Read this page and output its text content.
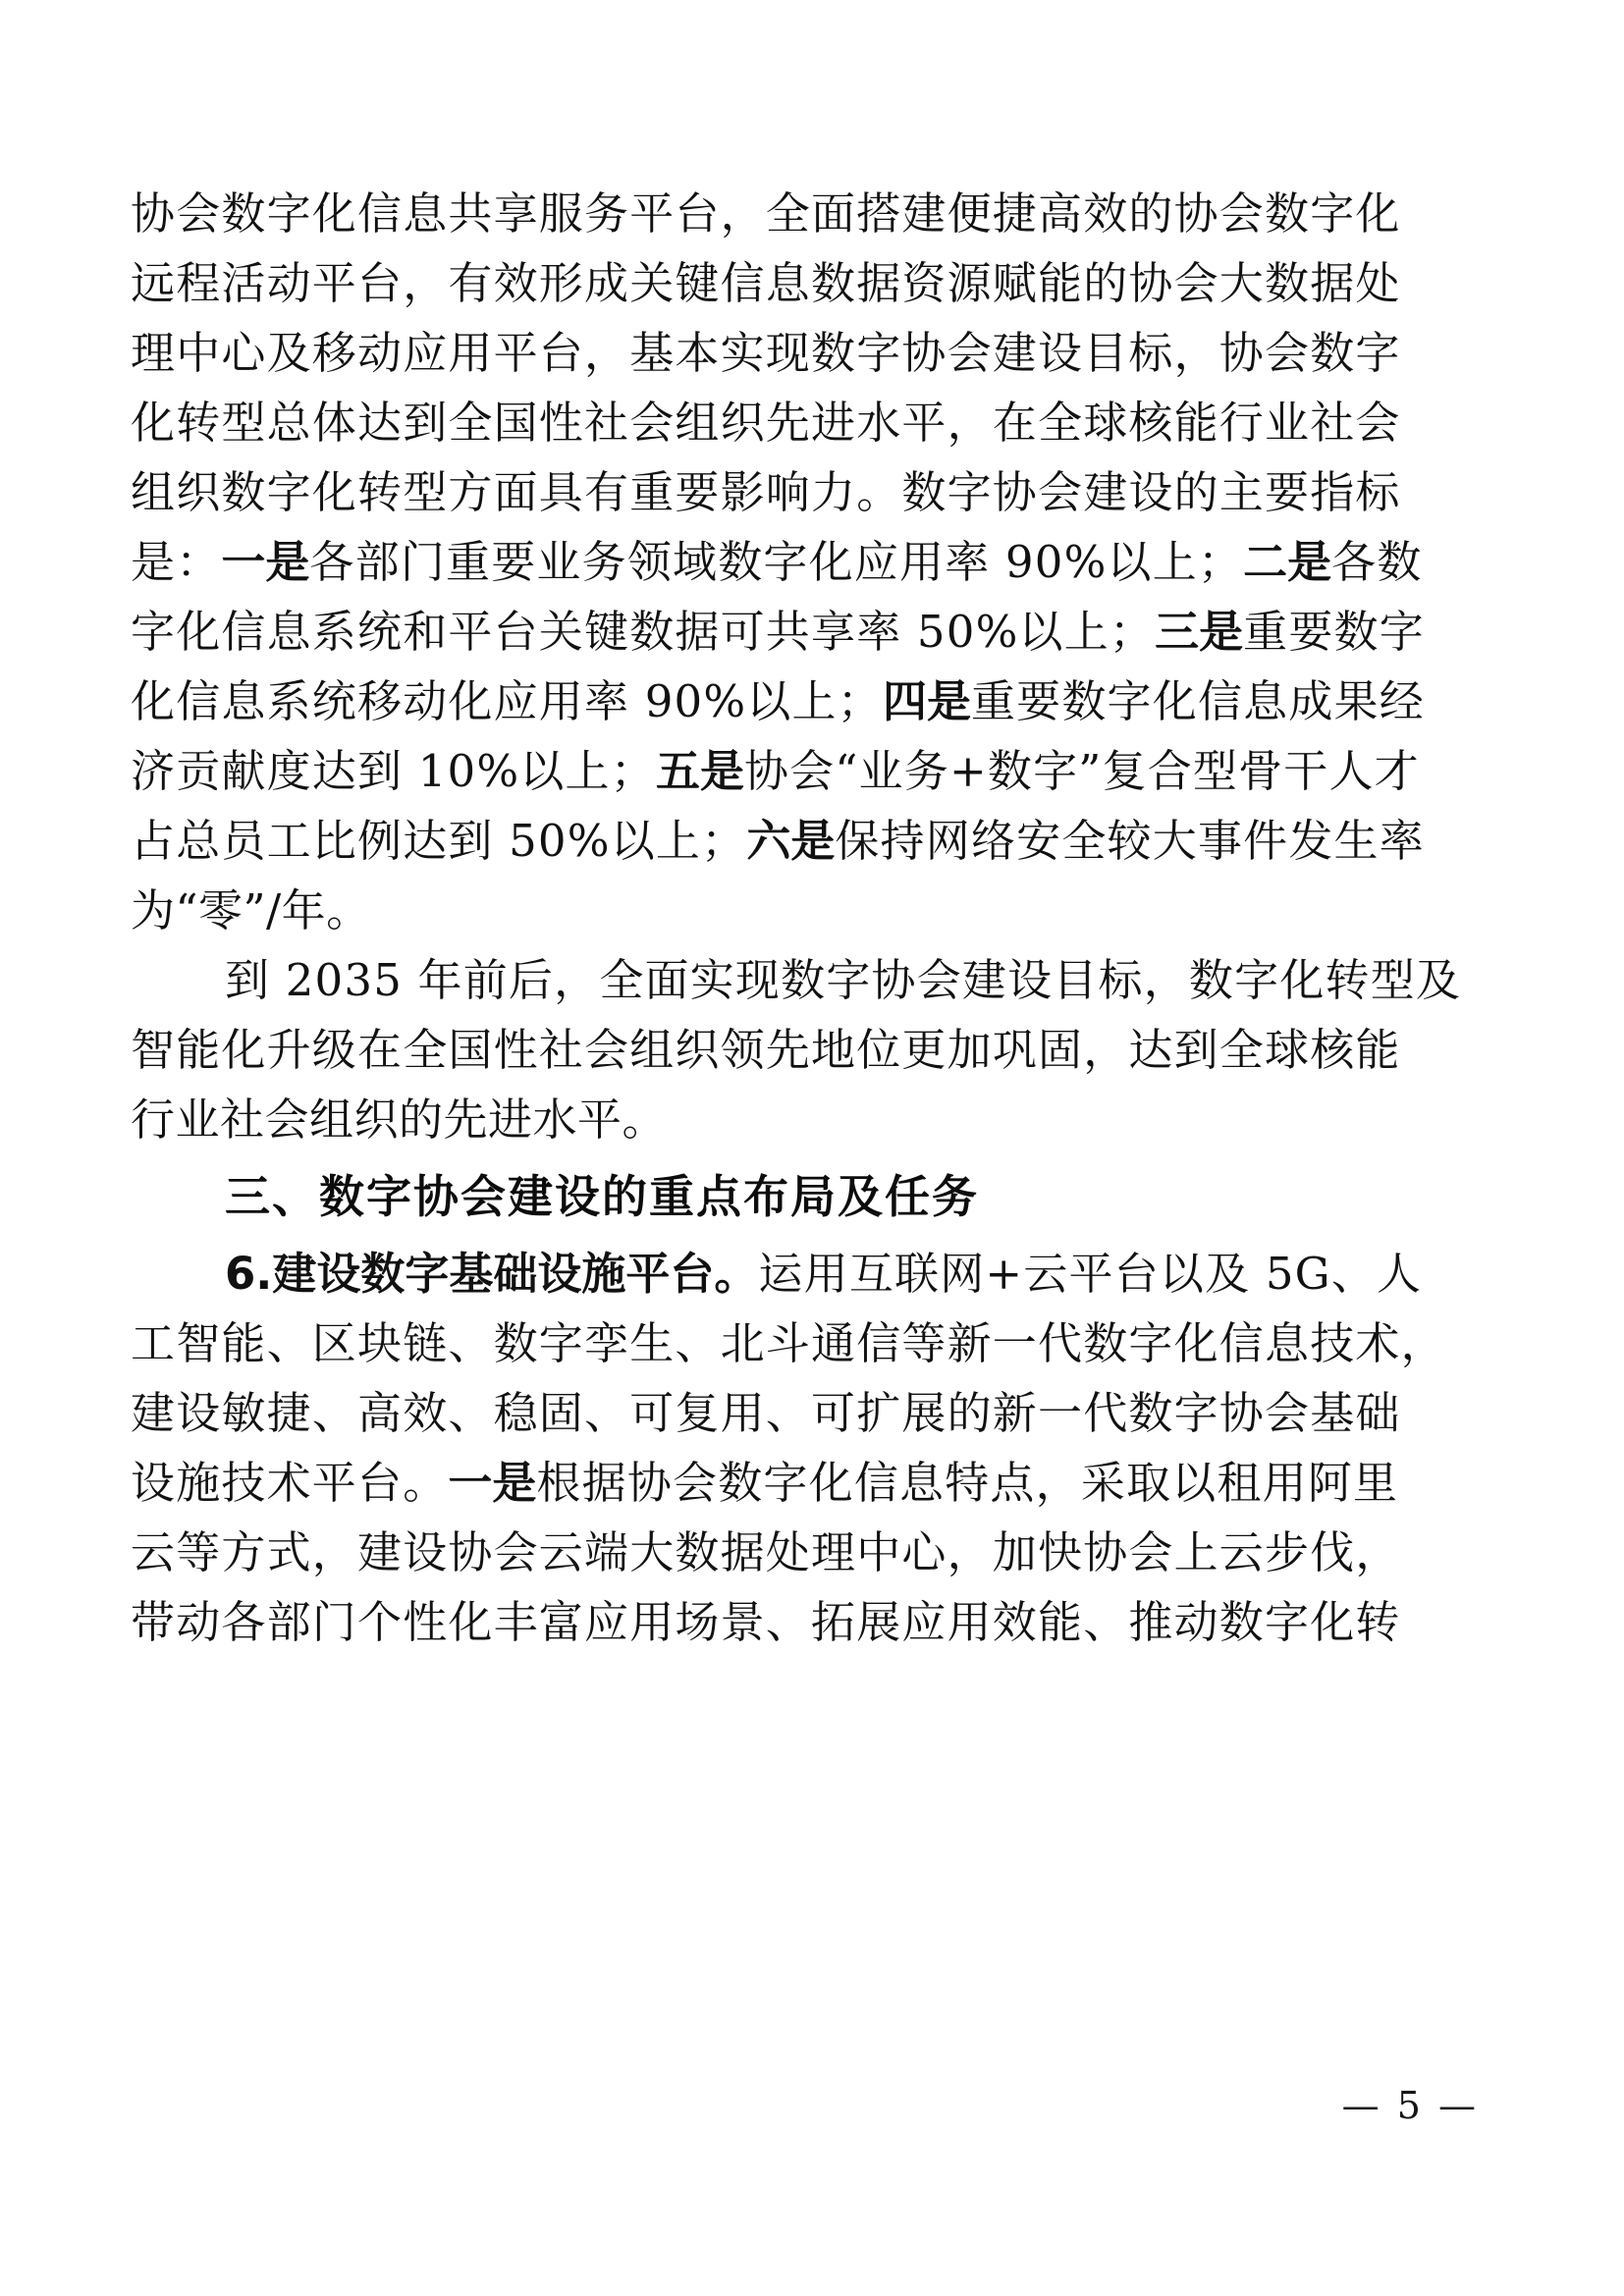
协会数字化信息共享服务平台，全面搭建便捷高效的协会数字化
远程活动平台，有效形成关键信息数据资源赋能的协会大数据处
理中心及移动应用平台，基本实现数字协会建设目标，协会数字
化转型总体达到全国性社会组织先进水平，在全球核能行业社会
组织数字化转型方面具有重要影响力。数字协会建设的主要指标
是：一是各部门重要业务领域数字化应用率 90%以上；二是各数
字化信息系统和平台关键数据可共享率 50%以上；三是重要数字
化信息系统移动化应用率 90%以上；四是重要数字化信息成果经
济贡献度达到 10%以上；五是协会“业务+数字”复合型骨干人才
占总员工比例达到 50%以上；六是保持网络安全较大事件发生率
为“零”/年。
到 2035 年前后，全面实现数字协会建设目标，数字化转型及
智能化升级在全国性社会组织领先地位更加巩固，达到全球核能
行业社会组织的先进水平。
三、数字协会建设的重点布局及任务
6.建设数字基础设施平台。运用互联网+云平台以及 5G、人
工智能、区块链、数字孪生、北斗通信等新一代数字化信息技术，
建设敏捷、高效、稳固、可复用、可扩展的新一代数字协会基础
设施技术平台。一是根据协会数字化信息特点，采取以租用阿里
云等方式，建设协会云端大数据处理中心，加快协会上云步伐，
带动各部门个性化丰富应用场景、拓展应用效能、推动数字化转
— 5 —
